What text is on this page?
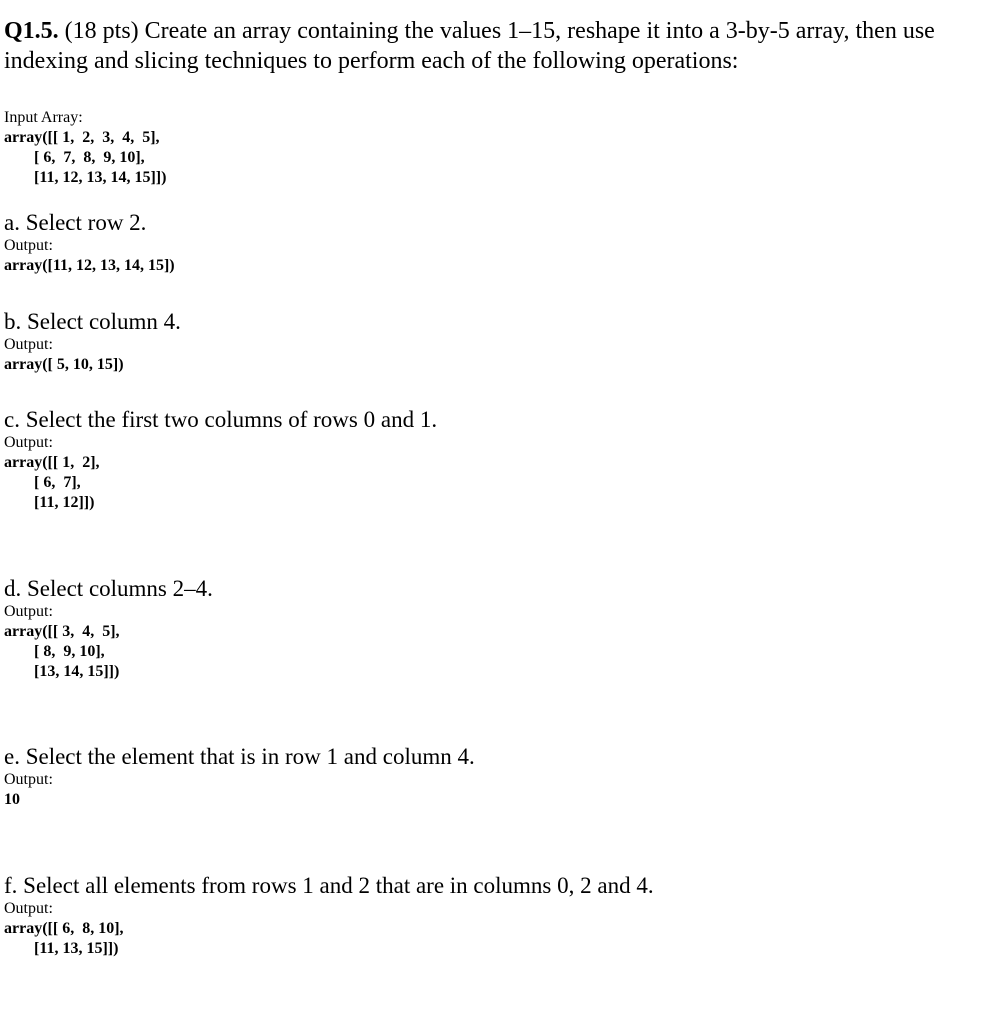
Q1.5. (18 pts) Create an array containing the values 1–15, reshape it into a 3-by-5 array, then use indexing and slicing techniques to perform each of the following operations:

Input Array:

array([[ 1,  2,  3,  4,  5],

[ 6,  7,  8,  9, 10],

[11, 12, 13, 14, 15]])

a. Select row 2.

Output:

array([11, 12, 13, 14, 15])

b. Select column 4.

Output:

array([ 5, 10, 15])

c. Select the first two columns of rows 0 and 1.

Output:

array([[ 1,  2],

[ 6,  7],

[11, 12]])

d. Select columns 2–4.

Output:

array([[ 3,  4,  5],

[ 8,  9, 10],

[13, 14, 15]])

e. Select the element that is in row 1 and column 4.

Output:

10

f. Select all elements from rows 1 and 2 that are in columns 0, 2 and 4.

Output:

array([[ 6,  8, 10],

[11, 13, 15]])
